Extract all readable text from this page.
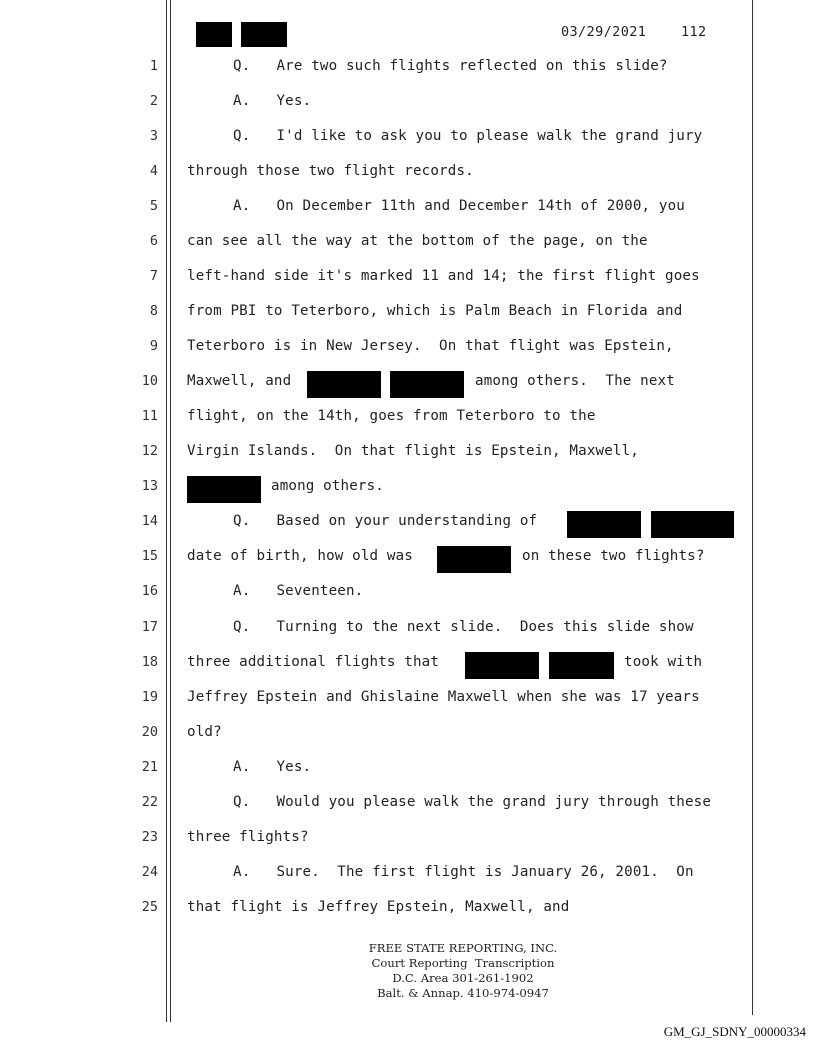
03/29/2021	112
1	Q.   Are two such flights reflected on this slide?
2	A.   Yes.
3	Q.   I'd like to ask you to please walk the grand jury
4 through those two flight records.
5	A.   On December 11th and December 14th of 2000, you
6 can see all the way at the bottom of the page, on the
7 left-hand side it's marked 11 and 14; the first flight goes
8 from PBI to Teterboro, which is Palm Beach in Florida and
9 Teterboro is in New Jersey.  On that flight was Epstein,
10 Maxwell, and	among others.  The next
11 flight, on the 14th, goes from Teterboro to the
12 Virgin Islands.  On that flight is Epstein, Maxwell,
13	among others.
14	Q.   Based on your understanding of
15 date of birth, how old was	on these two flights?
16	A.   Seventeen.
17	Q.   Turning to the next slide.  Does this slide show
18 three additional flights that	took with
19 Jeffrey Epstein and Ghislaine Maxwell when she was 17 years
20 old?
21	A.   Yes.
22	Q.   Would you please walk the grand jury through these
23 three flights?
24	A.   Sure.  The first flight is January 26, 2001.  On
25 that flight is Jeffrey Epstein, Maxwell, and
FREE STATE REPORTING, INC.
Court Reporting  Transcription
D.C. Area 301-261-1902
Balt. & Annap. 410-974-0947
GM_GJ_SDNY_00000334
